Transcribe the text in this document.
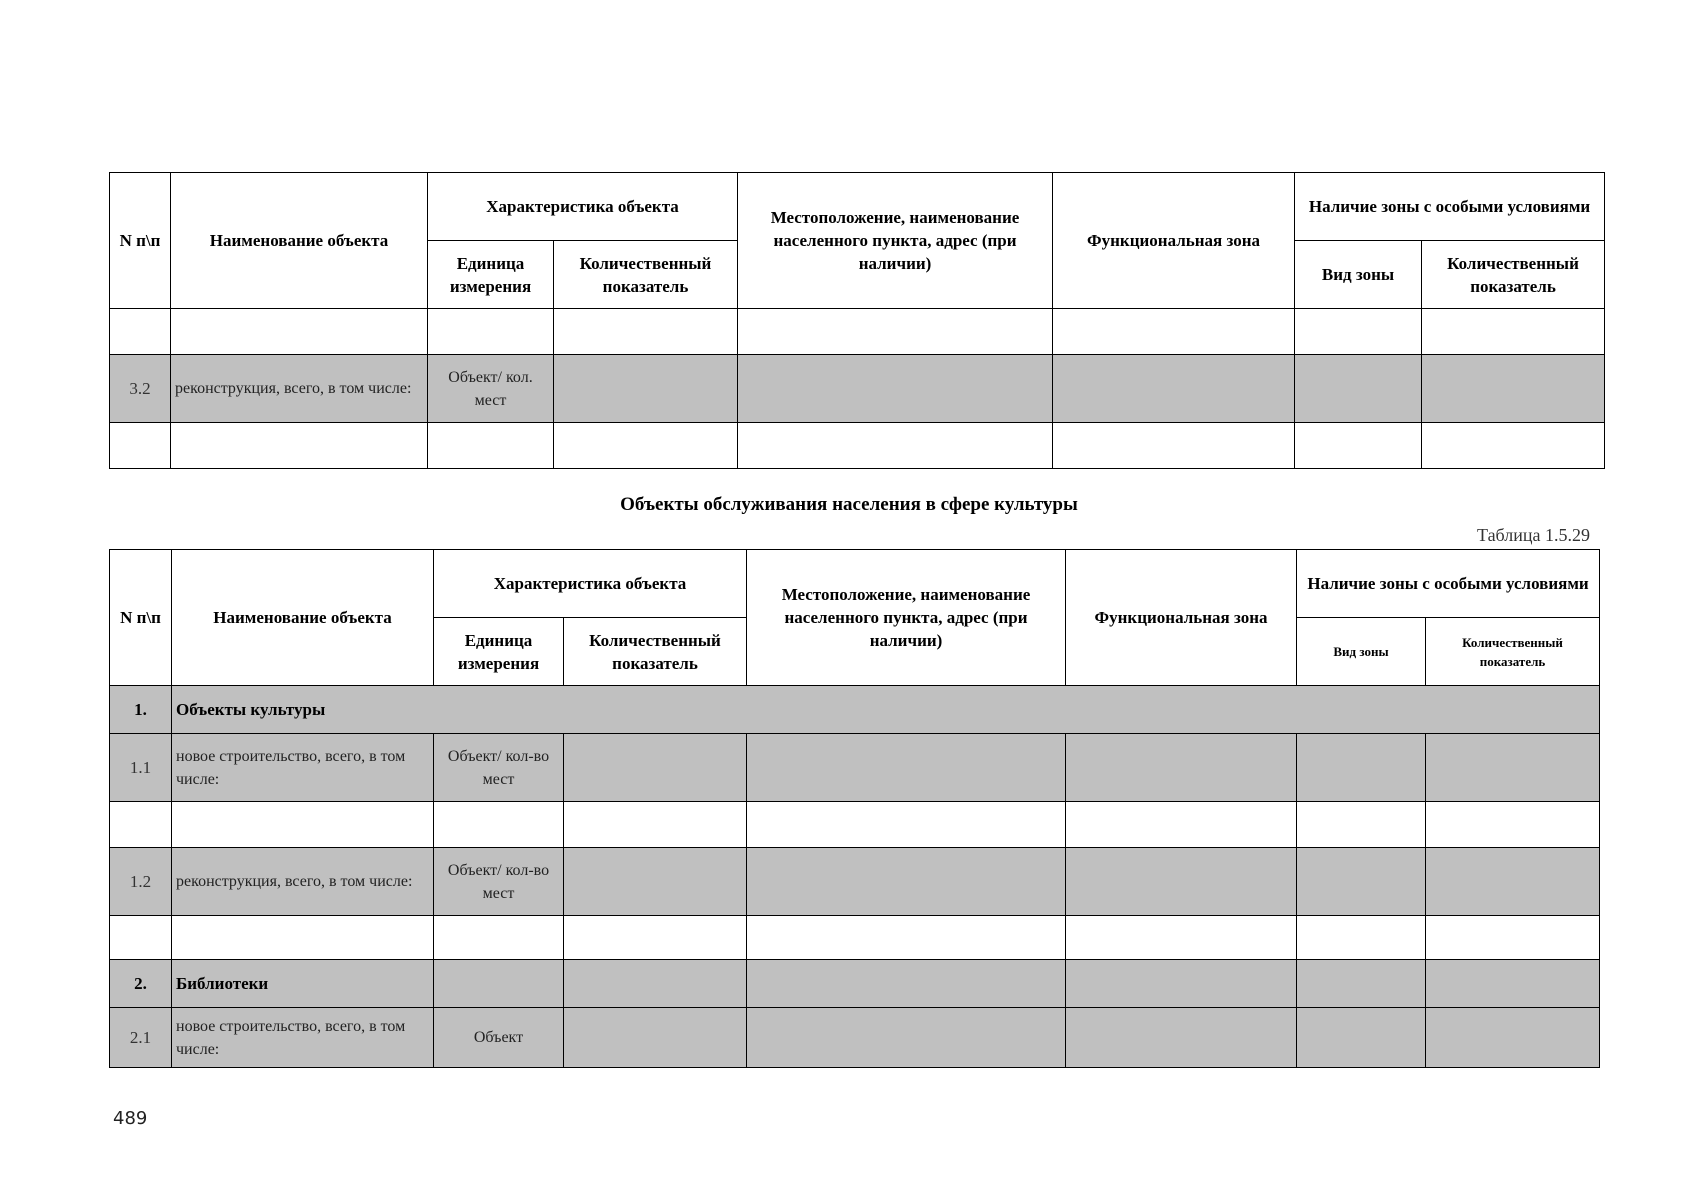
N п\п	Наименование объекта	Характеристика объекта		Местоположение, наименование населенного пункта, адрес (при наличии)	Функциональная зона	Наличие зоны с особыми условиями	
		Единица измерения	Количественный показатель			Вид зоны	Количественный показатель

3.2	реконструкция, всего, в том числе:	Объект/ кол. мест					

Объекты обслуживания населения в сфере культуры
Таблица 1.5.29
N п\п	Наименование объекта	Характеристика объекта		Местоположение, наименование населенного пункта, адрес (при наличии)	Функциональная зона	Наличие зоны с особыми условиями	
		Единица измерения	Количественный показатель			Вид зоны	Количественный показатель
1.	Объекты культуры						
1.1	новое строительство, всего, в том числе:	Объект/ кол-во мест					

1.2	реконструкция, всего, в том числе:	Объект/ кол-во мест					

2.	Библиотеки						
2.1	новое строительство, всего, в том числе:	Объект					
489
